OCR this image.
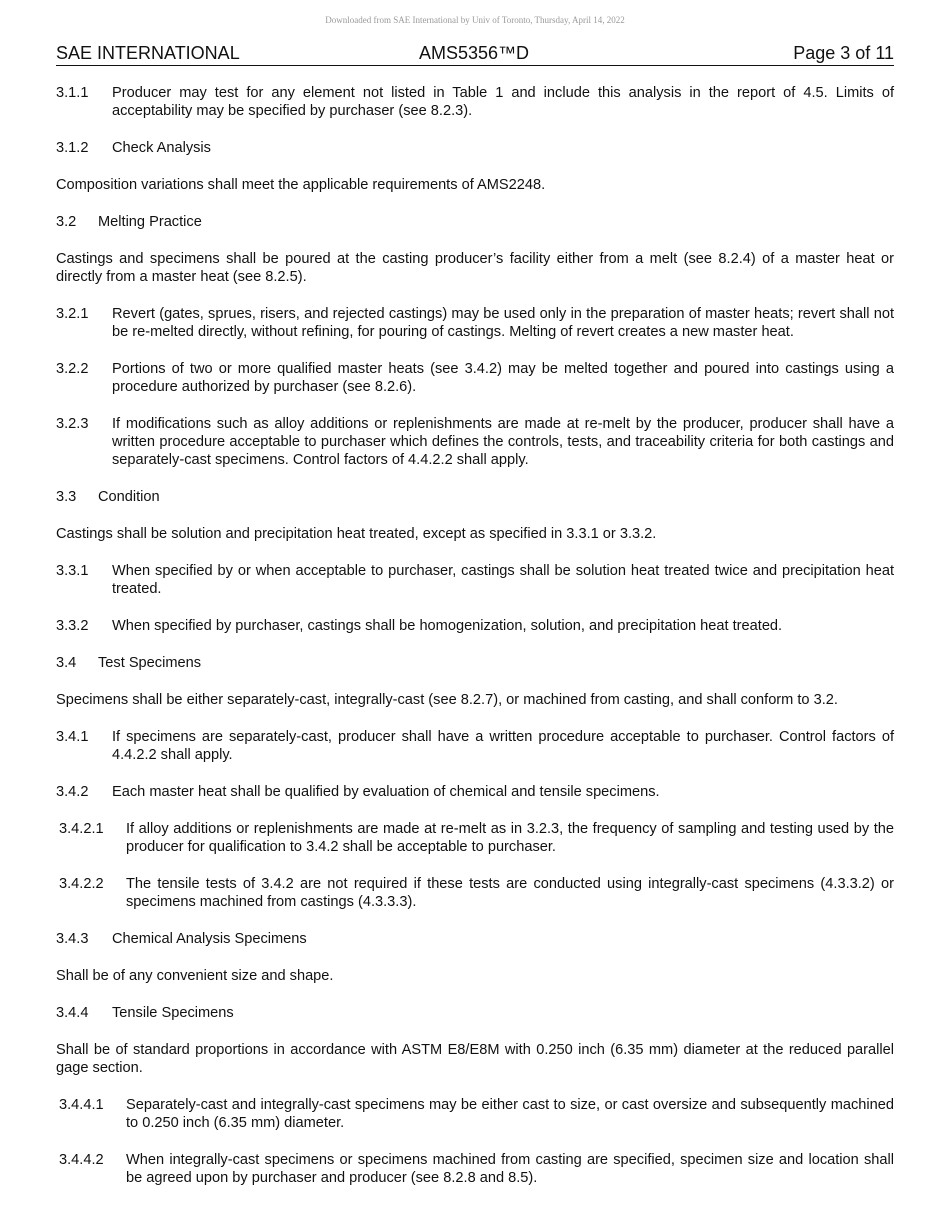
Downloaded from SAE International by Univ of Toronto, Thursday, April 14, 2022
SAE INTERNATIONAL	AMS5356™D	Page 3 of 11
3.1.1 Producer may test for any element not listed in Table 1 and include this analysis in the report of 4.5. Limits of acceptability may be specified by purchaser (see 8.2.3).
3.1.2 Check Analysis

Composition variations shall meet the applicable requirements of AMS2248.

3.2 Melting Practice

Castings and specimens shall be poured at the casting producer’s facility either from a melt (see 8.2.4) of a master heat or directly from a master heat (see 8.2.5).

3.2.1 Revert (gates, sprues, risers, and rejected castings) may be used only in the preparation of master heats; revert shall not be re-melted directly, without refining, for pouring of castings. Melting of revert creates a new master heat.
3.2.2 Portions of two or more qualified master heats (see 3.4.2) may be melted together and poured into castings using a procedure authorized by purchaser (see 8.2.6).
3.2.3 If modifications such as alloy additions or replenishments are made at re-melt by the producer, producer shall have a written procedure acceptable to purchaser which defines the controls, tests, and traceability criteria for both castings and separately-cast specimens. Control factors of 4.4.2.2 shall apply.
3.3 Condition

Castings shall be solution and precipitation heat treated, except as specified in 3.3.1 or 3.3.2.

3.3.1 When specified by or when acceptable to purchaser, castings shall be solution heat treated twice and precipitation heat treated.
3.3.2 When specified by purchaser, castings shall be homogenization, solution, and precipitation heat treated.
3.4 Test Specimens

Specimens shall be either separately-cast, integrally-cast (see 8.2.7), or machined from casting, and shall conform to 3.2.

3.4.1 If specimens are separately-cast, producer shall have a written procedure acceptable to purchaser. Control factors of 4.4.2.2 shall apply.
3.4.2 Each master heat shall be qualified by evaluation of chemical and tensile specimens.
3.4.2.1 If alloy additions or replenishments are made at re-melt as in 3.2.3, the frequency of sampling and testing used by the producer for qualification to 3.4.2 shall be acceptable to purchaser.
3.4.2.2 The tensile tests of 3.4.2 are not required if these tests are conducted using integrally-cast specimens (4.3.3.2) or specimens machined from castings (4.3.3.3).
3.4.3 Chemical Analysis Specimens

Shall be of any convenient size and shape.

3.4.4 Tensile Specimens

Shall be of standard proportions in accordance with ASTM E8/E8M with 0.250 inch (6.35 mm) diameter at the reduced parallel gage section.

3.4.4.1 Separately-cast and integrally-cast specimens may be either cast to size, or cast oversize and subsequently machined to 0.250 inch (6.35 mm) diameter.
3.4.4.2 When integrally-cast specimens or specimens machined from casting are specified, specimen size and location shall be agreed upon by purchaser and producer (see 8.2.8 and 8.5).
